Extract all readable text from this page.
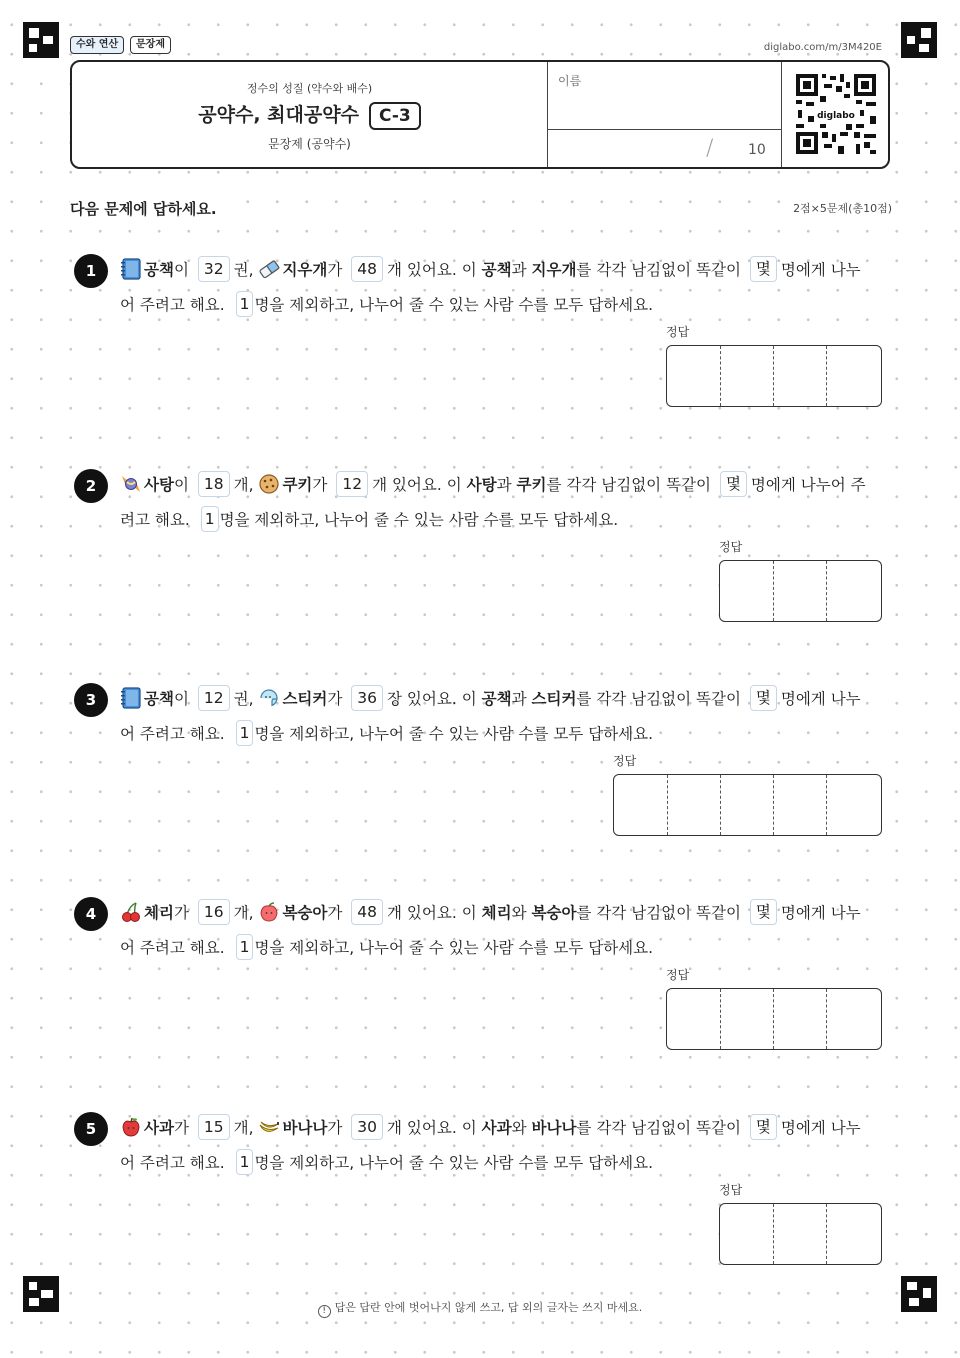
수와 연산	문장제	diglabo.com/m/3M420E
정수의 성질 (약수와 배수)
공약수, 최대공약수 C-3
문장제 (공약수)
이름
/ 10
diglabo
다음 문제에 답하세요.	2점×5문제(총10점)
1	공책이 32 권, 지우개가 48 개 있어요. 이 공책과 지우개를 각각 남김없이 똑같이 몇 명에게 나누
어 주려고 해요. 1 명을 제외하고, 나누어 줄 수 있는 사람 수를 모두 답하세요.
정답
2	사탕이 18 개, 쿠키가 12 개 있어요. 이 사탕과 쿠키를 각각 남김없이 똑같이 몇 명에게 나누어 주
려고 해요. 1 명을 제외하고, 나누어 줄 수 있는 사람 수를 모두 답하세요.
정답
3	공책이 12 권, 스티커가 36 장 있어요. 이 공책과 스티커를 각각 남김없이 똑같이 몇 명에게 나누
어 주려고 해요. 1 명을 제외하고, 나누어 줄 수 있는 사람 수를 모두 답하세요.
정답
4	체리가 16 개, 복숭아가 48 개 있어요. 이 체리와 복숭아를 각각 남김없이 똑같이 몇 명에게 나누
어 주려고 해요. 1 명을 제외하고, 나누어 줄 수 있는 사람 수를 모두 답하세요.
정답
5	사과가 15 개, 바나나가 30 개 있어요. 이 사과와 바나나를 각각 남김없이 똑같이 몇 명에게 나누
어 주려고 해요. 1 명을 제외하고, 나누어 줄 수 있는 사람 수를 모두 답하세요.
정답
! 답은 답란 안에 벗어나지 않게 쓰고, 답 외의 글자는 쓰지 마세요.
